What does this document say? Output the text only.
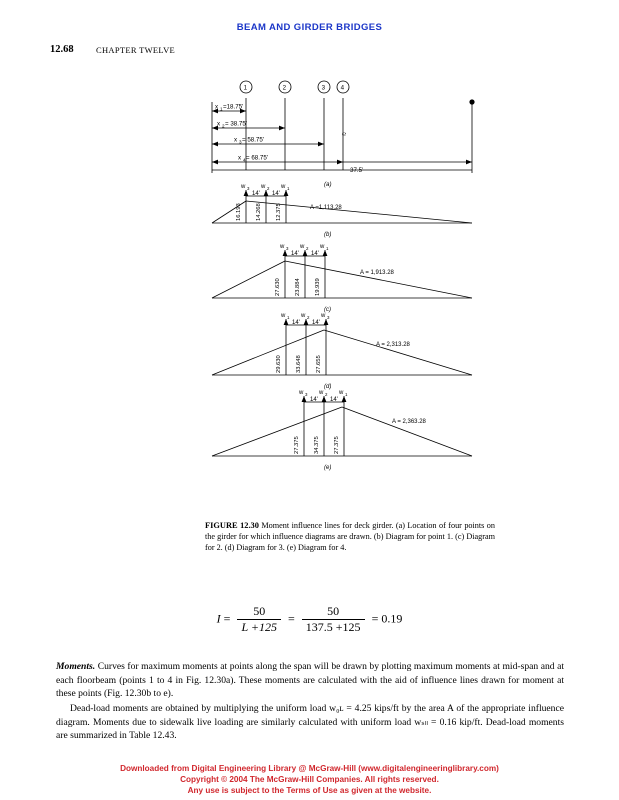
BEAM AND GIRDER BRIDGES
12.68	CHAPTER TWELVE
1	2	3	4
x 1 =18.75'
x 2 = 38.75'
x 3 = 58.75'
x 4 = 68.75'
37.5'
℮
(a)
w 3 w 2 w 1
14' 14'
A =1,113.28
16.193 14.268 12.375
(b)
w 3 w 2 w 1
14' 14'
A = 1,913.28
27.630 23.884 19.939
(c)
w 1 w 2 w 3
14' 14'
A = 2,313.28
29.630 33.648 27.655
(d)
w 3 w 2 w 1
14' 14'
A = 2,363.28
27.375 34.375 27.375
(e)
FIGURE 12.30 Moment influence lines for deck girder. (a) Location of four points on the girder for which influence diagrams are drawn. (b) Diagram for point 1. (c) Diagram for 2. (d) Diagram for 3. (e) Diagram for 4.
$I = \frac{50}{L +125} = \frac{50}{137.5 +125} = 0.19$
Moments. Curves for maximum moments at points along the span will be drawn by plotting maximum moments at mid-span and at each floorbeam (points 1 to 4 in Fig. 12.30a). These moments are calculated with the aid of influence lines drawn for moment at these points (Fig. 12.30b to e).
Dead-load moments are obtained by multiplying the uniform load w₀ʟ = 4.25 kips/ft by the area A of the appropriate influence diagram. Moments due to sidewalk live loading are similarly calculated with uniform load wₛₗₗ = 0.16 kip/ft. Dead-load moments are summarized in Table 12.43.
Downloaded from Digital Engineering Library @ McGraw-Hill (www.digitalengineeringlibrary.com)
Copyright © 2004 The McGraw-Hill Companies. All rights reserved.
Any use is subject to the Terms of Use as given at the website.
